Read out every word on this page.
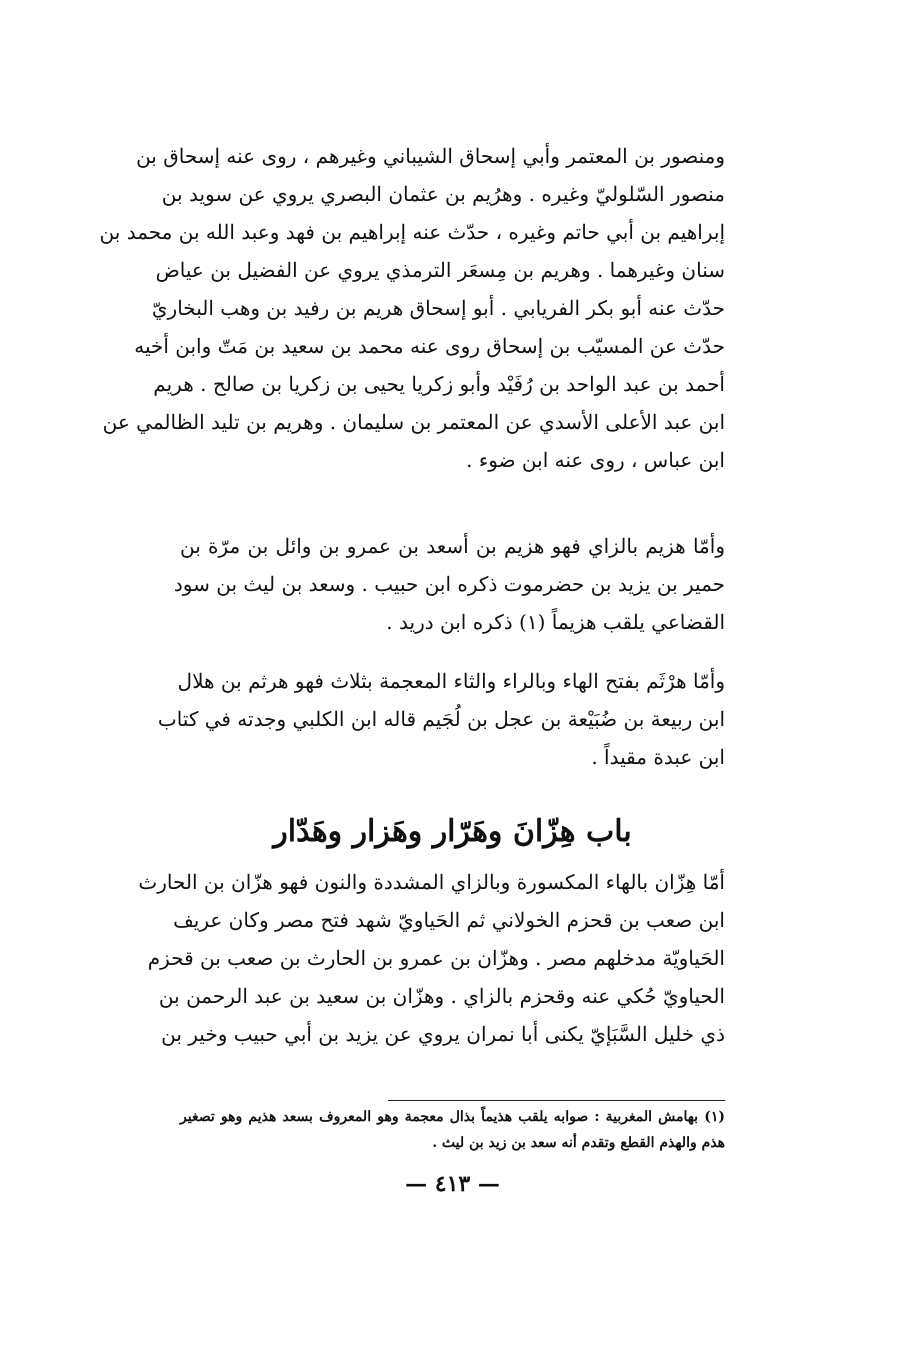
ومنصور بن المعتمر وأبي إسحاق الشيباني وغيرهم ، روى عنه إسحاق بن
منصور السّلوليّ وغيره . وهرُيم بن عثمان البصري يروي عن سويد بن
إبراهيم بن أبي حاتم وغيره ، حدّث عنه إبراهيم بن فهد وعبد الله بن محمد بن
سنان وغيرهما . وهريم بن مِسعَر الترمذي يروي عن الفضيل بن عياض
حدّث عنه أبو بكر الفريابي . أبو إسحاق هريم بن رفيد بن وهب البخاريّ
حدّث عن المسيّب بن إسحاق روى عنه محمد بن سعيد بن مَتّ وابن أخيه
أحمد بن عبد الواحد بن رُفَيْد وأبو زكريا يحيى بن زكريا بن صالح . هريم
ابن عبد الأعلى الأسدي عن المعتمر بن سليمان . وهريم بن تليد الظالمي عن
ابن عباس ، روى عنه ابن ضوء .
وأمّا هزيم بالزاي فهو هزيم بن أسعد بن عمرو بن وائل بن مرّة بن
حمير بن يزيد بن حضرموت ذكره ابن حبيب . وسعد بن ليث بن سود
القضاعي يلقب هزيماً (١) ذكره ابن دريد .
وأمّا هرْثَم بفتح الهاء وبالراء والثاء المعجمة بثلاث فهو هرثم بن هلال
ابن ربيعة بن ضُبَيْعة بن عجل بن لُجَيم قاله ابن الكلبي وجدته في كتاب
ابن عبدة مقيداً .
باب هِزّانَ وهَرّار وهَزار وهَدّار
أمّا هِزّان بالهاء المكسورة وبالزاي المشددة والنون فهو هزّان بن الحارث
ابن صعب بن قحزم الخولاني ثم الحَياويّ شهد فتح مصر وكان عريف
الحَياويّة مدخلهم مصر . وهزّان بن عمرو بن الحارث بن صعب بن قحزم
الحياويّ حُكي عنه وقحزم بالزاي . وهزّان بن سعيد بن عبد الرحمن بن
ذي خليل السَّبَإيّ يكنى أبا نمران يروي عن يزيد بن أبي حبيب وخير بن
(١) بهامش المغربية : صوابه يلقب هذيماً بذال معجمة وهو المعروف بسعد هذيم وهو تصغير
هذم والهذم القطع وتقدم أنه سعد بن زيد بن ليث .
— ٤١٣ —
